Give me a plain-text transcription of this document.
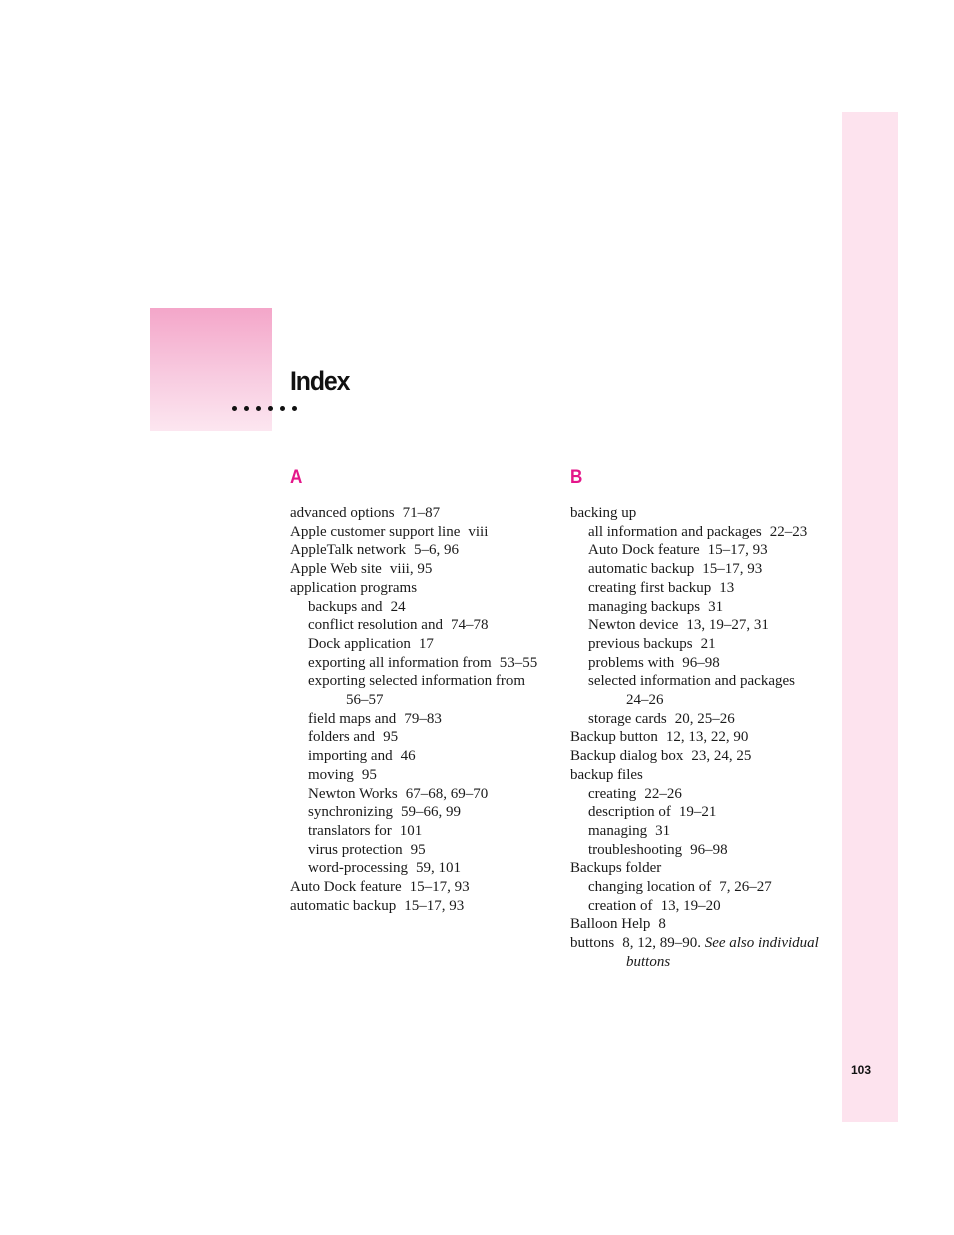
Index
A
advanced options 71–87
Apple customer support line viii
AppleTalk network 5–6, 96
Apple Web site viii, 95
application programs
backups and 24
conflict resolution and 74–78
Dock application 17
exporting all information from 53–55
exporting selected information from
56–57
field maps and 79–83
folders and 95
importing and 46
moving 95
Newton Works 67–68, 69–70
synchronizing 59–66, 99
translators for 101
virus protection 95
word-processing 59, 101
Auto Dock feature 15–17, 93
automatic backup 15–17, 93
B
backing up
all information and packages 22–23
Auto Dock feature 15–17, 93
automatic backup 15–17, 93
creating first backup 13
managing backups 31
Newton device 13, 19–27, 31
previous backups 21
problems with 96–98
selected information and packages
24–26
storage cards 20, 25–26
Backup button 12, 13, 22, 90
Backup dialog box 23, 24, 25
backup files
creating 22–26
description of 19–21
managing 31
troubleshooting 96–98
Backups folder
changing location of 7, 26–27
creation of 13, 19–20
Balloon Help 8
buttons 8, 12, 89–90. See also individual
buttons
103
